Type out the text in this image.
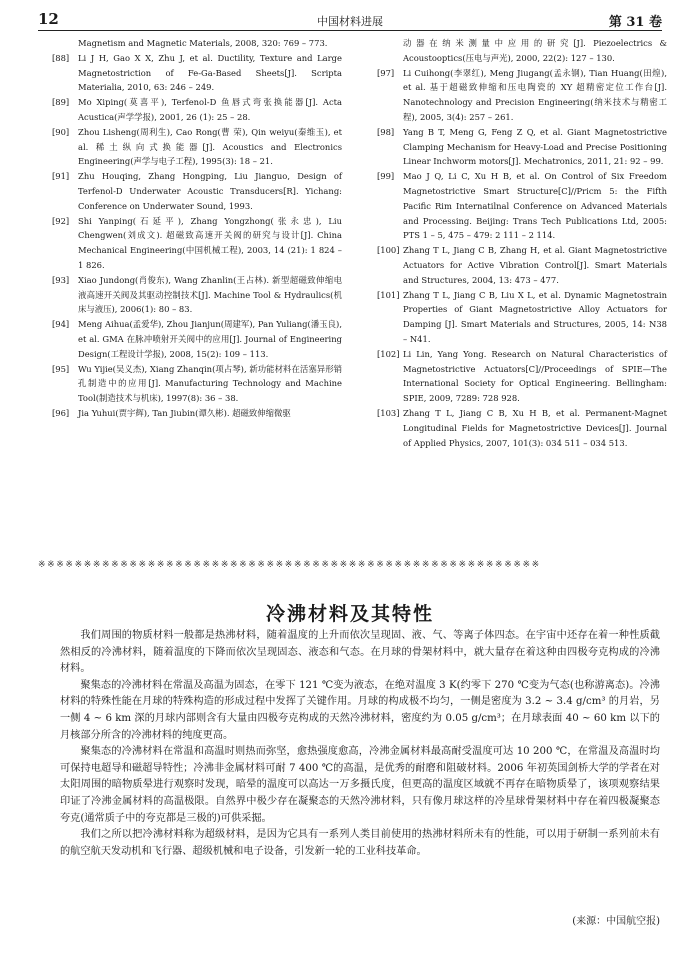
12	中国材料进展	第 31 卷

Magnetism and Magnetic Materials, 2008, 320: 769 – 773.

[88] Li J H, Gao X X, Zhu J, et al. Ductility, Texture and Large Magnetostriction of Fe-Ga-Based Sheets[J]. Scripta Materialia, 2010, 63: 246 – 249.

[89] Mo Xiping(莫喜平), Terfenol-D 鱼唇式弯张换能器[J]. Acta Acustica(声学学报), 2001, 26 (1): 25 – 28.

[90] Zhou Lisheng(周利生), Cao Rong(曹 荣), Qin weiyu(秦维玉), et al. 稀土纵向式换能器[J]. Acoustics and Electronics Engineering(声学与电子工程), 1995(3): 18 – 21.

[91] Zhu Houqing, Zhang Hongping, Liu Jianguo, Design of Terfenol-D Underwater Acoustic Transducers[R]. Yichang: Conference on Underwater Sound, 1993.

[92] Shi Yanping(石延平), Zhang Yongzhong(张永忠), Liu Chengwen(刘成文). 超磁致高速开关阀的研究与设计[J]. China Mechanical Engineering(中国机械工程), 2003, 14 (21): 1 824 – 1 826.

[93] Xiao Jundong(肖俊东), Wang Zhanlin(王占林). 新型超磁致伸缩电液高速开关阀及其驱动控制技术[J]. Machine Tool & Hydraulics(机床与液压), 2006(1): 80 – 83.

[94] Meng Aihua(孟爱华), Zhou Jianjun(周建军), Pan Yuliang(潘玉良), et al. GMA 在脉冲喷射开关阀中的应用[J]. Journal of Engineering Design(工程设计学报), 2008, 15(2): 109 – 113.

[95] Wu Yijie(吴义杰), Xiang Zhanqin(项占琴), 新功能材料在活塞异形销孔制造中的应用[J]. Manufacturing Technology and Machine Tool(制造技术与机床), 1997(8): 36 – 38.

[96] Jia Yuhui(贾宇辉), Tan Jiubin(谭久彬). 超磁致伸缩微驱

动器在纳米测量中应用的研究[J]. Piezoelectrics & Acoustooptics(压电与声光), 2000, 22(2): 127 – 130.

[97] Li Cuihong(李翠红), Meng Jiugang(孟永钢), Tian Huang(田煌), et al. 基于超磁致伸缩和压电陶瓷的 XY 超精密定位工作台[J]. Nanotechnology and Precision Engineering(纳米技术与精密工程), 2005, 3(4): 257 – 261.

[98] Yang B T, Meng G, Feng Z Q, et al. Giant Magnetostrictive Clamping Mechanism for Heavy-Load and Precise Positioning Linear Inchworm motors[J]. Mechatronics, 2011, 21: 92 – 99.

[99] Mao J Q, Li C, Xu H B, et al. On Control of Six Freedom Magnetostrictive Smart Structure[C]//Pricm 5: the Fifth Pacific Rim Internatilnal Conference on Advanced Materials and Processing. Beijing: Trans Tech Publications Ltd, 2005: PTS 1 – 5, 475 – 479: 2 111 – 2 114.

[100] Zhang T L, Jiang C B, Zhang H, et al. Giant Magnetostrictive Actuators for Active Vibration Control[J]. Smart Materials and Structures, 2004, 13: 473 – 477.

[101] Zhang T L, Jiang C B, Liu X L, et al. Dynamic Magnetostrain Properties of Giant Magnetostrictive Alloy Actuators for Damping [J]. Smart Materials and Structures, 2005, 14: N38 – N41.

[102] Li Lin, Yang Yong. Research on Natural Characteristics of Magnetostrictive Actuators[C]//Proceedings of SPIE—The International Society for Optical Engineering. Bellingham: SPIE, 2009, 7289: 728 928.

[103] Zhang T L, Jiang C B, Xu H B, et al. Permanent-Magnet Longitudinal Fields for Magnetostrictive Devices[J]. Journal of Applied Physics, 2007, 101(3): 034 511 – 034 513.

※※※※※※※※※※※※※※※※※※※※※※※※※※※※※※※※※※※※※※※※※※※※※※※※※※※※※※※
冷沸材料及其特性

我们周围的物质材料一般都是热沸材料，随着温度的上升而依次呈现固、液、气、等离子体四态。在宇宙中还存在着一种性质截然相反的冷沸材料，随着温度的下降而依次呈现固态、液态和气态。在月球的骨架材料中，就大量存在着这种由四极夸克构成的冷沸材料。

聚集态的冷沸材料在常温及高温为固态，在零下 121 ℃变为液态，在绝对温度 3 K(约零下 270 ℃变为气态(也称游离态)。冷沸材料的特殊性能在月球的特殊构造的形成过程中发挥了关键作用。月球的构成极不均匀，一侧是密度为 3.2 ~ 3.4 g/cm³ 的月岩，另一侧 4 ~ 6 km 深的月球内部则含有大量由四极夸克构成的天然冷沸材料，密度约为 0.05 g/cm³；在月球表面 40 ~ 60 km 以下的月核部分所含的冷沸材料的纯度更高。

聚集态的冷沸材料在常温和高温时则热而弥坚，愈热强度愈高，冷沸金属材料最高耐受温度可达 10 200 ℃，在常温及高温时均可保持电超导和磁超导特性；冷沸非金属材料可耐 7 400 ℃的高温，是优秀的耐磨和阻破材料。2006 年初英国剑桥大学的学者在对太阳周围的暗物质晕进行观察时发现，暗晕的温度可以高达一万多摄氏度，但更高的温度区域就不再存在暗物质晕了，该项观察结果印证了冷沸金属材料的高温极限。自然界中极少存在凝聚态的天然冷沸材料，只有像月球这样的冷星球骨架材料中存在着四极凝聚态夸克(通常质子中的夸克都是三极的)可供采掘。

我们之所以把冷沸材料称为超级材料，是因为它具有一系列人类目前使用的热沸材料所未有的性能，可以用于研制一系列前未有的航空航天发动机和飞行器、超级机械和电子设备，引发新一轮的工业科技革命。

(来源：中国航空报)
